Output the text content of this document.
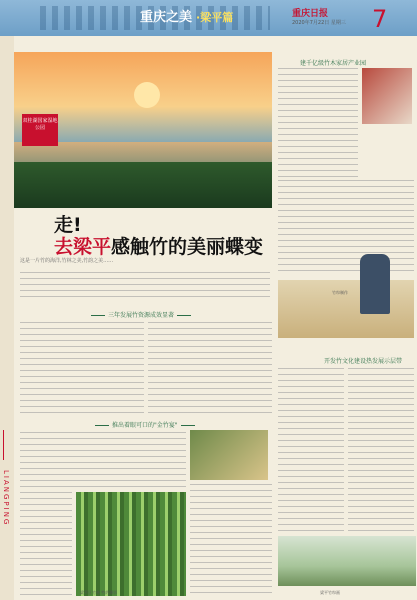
重庆之美 ·梁平篇	重庆日报
2020年7月22日 星期三 7
LIANGPING
双桂湖国家湿地公园
走!
去梁平感触竹的美丽蝶变
这是一片竹的海洋,竹林之美,竹韵之美……
三年发展竹资源成效显著
推出着眼可口的"金竹宴"
梁平区竹林 特约摄影
建千亿级竹木家居产业园
竹帘制作
开发竹文化建设热发展示层带
梁平竹帘画
